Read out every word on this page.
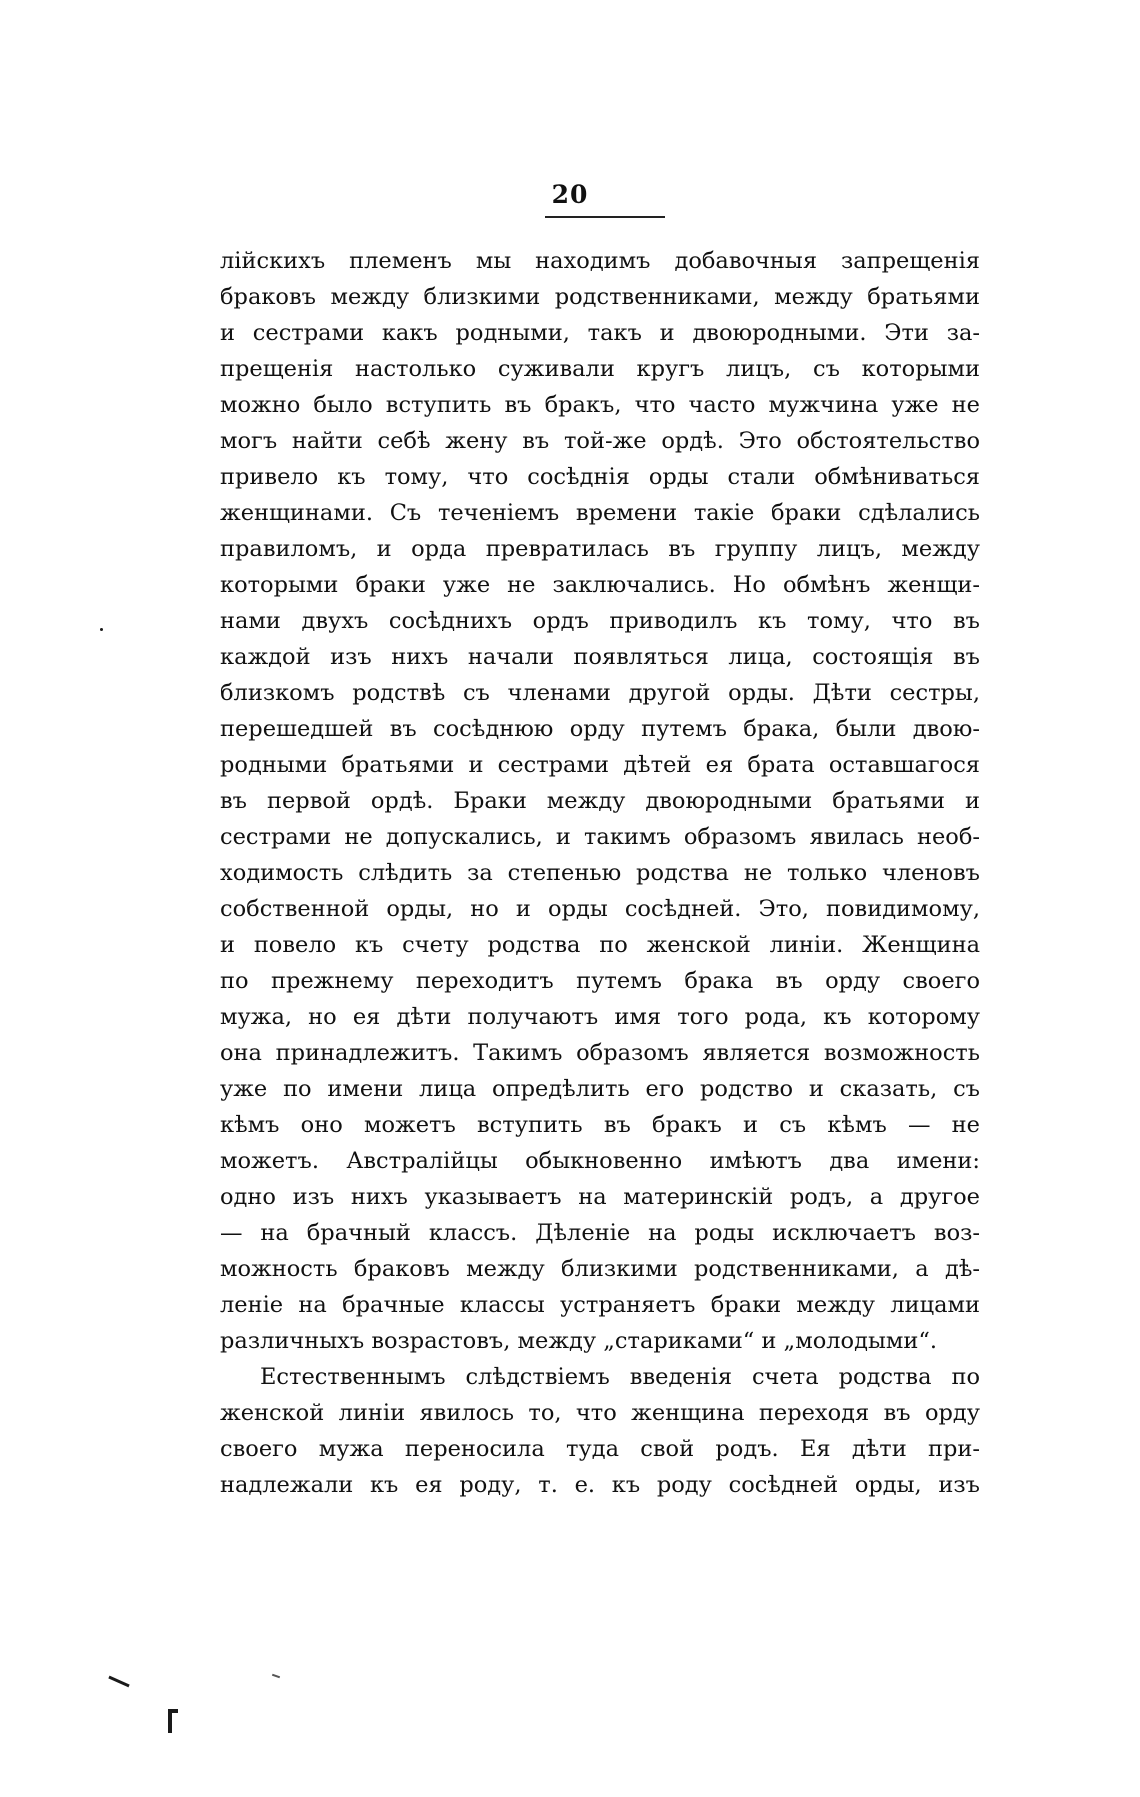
20
лійскихъ племенъ мы находимъ добавочныя запрещенія
браковъ между близкими родственниками, между братьями
и сестрами какъ родными, такъ и двоюродными. Эти за-
прещенія настолько суживали кругъ лицъ, съ которыми
можно было вступить въ бракъ, что часто мужчина уже не
могъ найти себѣ жену въ той-же ордѣ. Это обстоятельство
привело къ тому, что сосѣднія орды стали обмѣниваться
женщинами. Съ теченіемъ времени такіе браки сдѣлались
правиломъ, и орда превратилась въ группу лицъ, между
которыми браки уже не заключались. Но обмѣнъ женщи-
нами двухъ сосѣднихъ ордъ приводилъ къ тому, что въ
каждой изъ нихъ начали появляться лица, состоящія въ
близкомъ родствѣ съ членами другой орды. Дѣти сестры,
перешедшей въ сосѣднюю орду путемъ брака, были двою-
родными братьями и сестрами дѣтей ея брата оставшагося
въ первой ордѣ. Браки между двоюродными братьями и
сестрами не допускались, и такимъ образомъ явилась необ-
ходимость слѣдить за степенью родства не только членовъ
собственной орды, но и орды сосѣдней. Это, повидимому,
и повело къ счету родства по женской линіи. Женщина
по прежнему переходитъ путемъ брака въ орду своего
мужа, но ея дѣти получаютъ имя того рода, къ которому
она принадлежитъ. Такимъ образомъ является возможность
уже по имени лица опредѣлить его родство и сказать, съ
кѣмъ оно можетъ вступить въ бракъ и съ кѣмъ — не
можетъ. Австралійцы обыкновенно имѣютъ два имени:
одно изъ нихъ указываетъ на материнскій родъ, а другое
— на брачный классъ. Дѣленіе на роды исключаетъ воз-
можность браковъ между близкими родственниками, а дѣ-
леніе на брачные классы устраняетъ браки между лицами
различныхъ возрастовъ, между „стариками“ и „молодыми“.
Естественнымъ слѣдствіемъ введенія счета родства по
женской линіи явилось то, что женщина переходя въ орду
своего мужа переносила туда свой родъ. Ея дѣти при-
надлежали къ ея роду, т. е. къ роду сосѣдней орды, изъ
